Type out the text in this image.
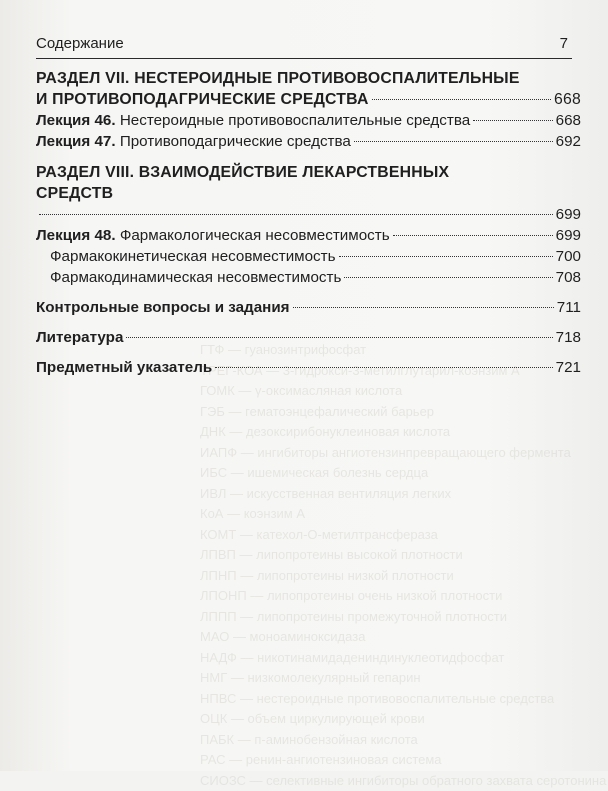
ГТФ — гуанозинтрифосфат
ТРЕГ-КОА — 3-гидрокси-3-метилглутарил-коэнзим А
ГОМК — γ-оксимасляная кислота
ГЭБ — гематоэнцефалический барьер
ДНК — дезоксирибонуклеиновая кислота
ИАПФ — ингибиторы ангиотензинпревращающего фермента
ИБС — ишемическая болезнь сердца
ИВЛ — искусственная вентиляция легких
КоА — коэнзим А
КОМТ — катехол-О-метилтрансфераза
ЛПВП — липопротеины высокой плотности
ЛПНП — липопротеины низкой плотности
ЛПОНП — липопротеины очень низкой плотности
ЛППП — липопротеины промежуточной плотности
МАО — моноаминоксидаза
НАДФ — никотинамидадениндинуклеотидфосфат
НМГ — низкомолекулярный гепарин
НПВС — нестероидные противовоспалительные средства
ОЦК — объем циркулирующей крови
ПАБК — п-аминобензойная кислота
РАС — ренин-ангиотензиновая система
СИОЗС — селективные ингибиторы обратного захвата серотонина
Содержание	7
РАЗДЕЛ VII. НЕСТЕРОИДНЫЕ ПРОТИВОВОСПАЛИТЕЛЬНЫЕ
И ПРОТИВОПОДАГРИЧЕСКИЕ СРЕДСТВА	668
Лекция 46. Нестероидные противовоспалительные средства	668
Лекция 47. Противоподагрические средства	692
РАЗДЕЛ VIII. ВЗАИМОДЕЙСТВИЕ ЛЕКАРСТВЕННЫХ
СРЕДСТВ
699
Лекция 48. Фармакологическая несовместимость	699
Фармакокинетическая несовместимость	700
Фармакодинамическая несовместимость	708
Контрольные вопросы и задания	711
Литература	718
Предметный указатель	721
